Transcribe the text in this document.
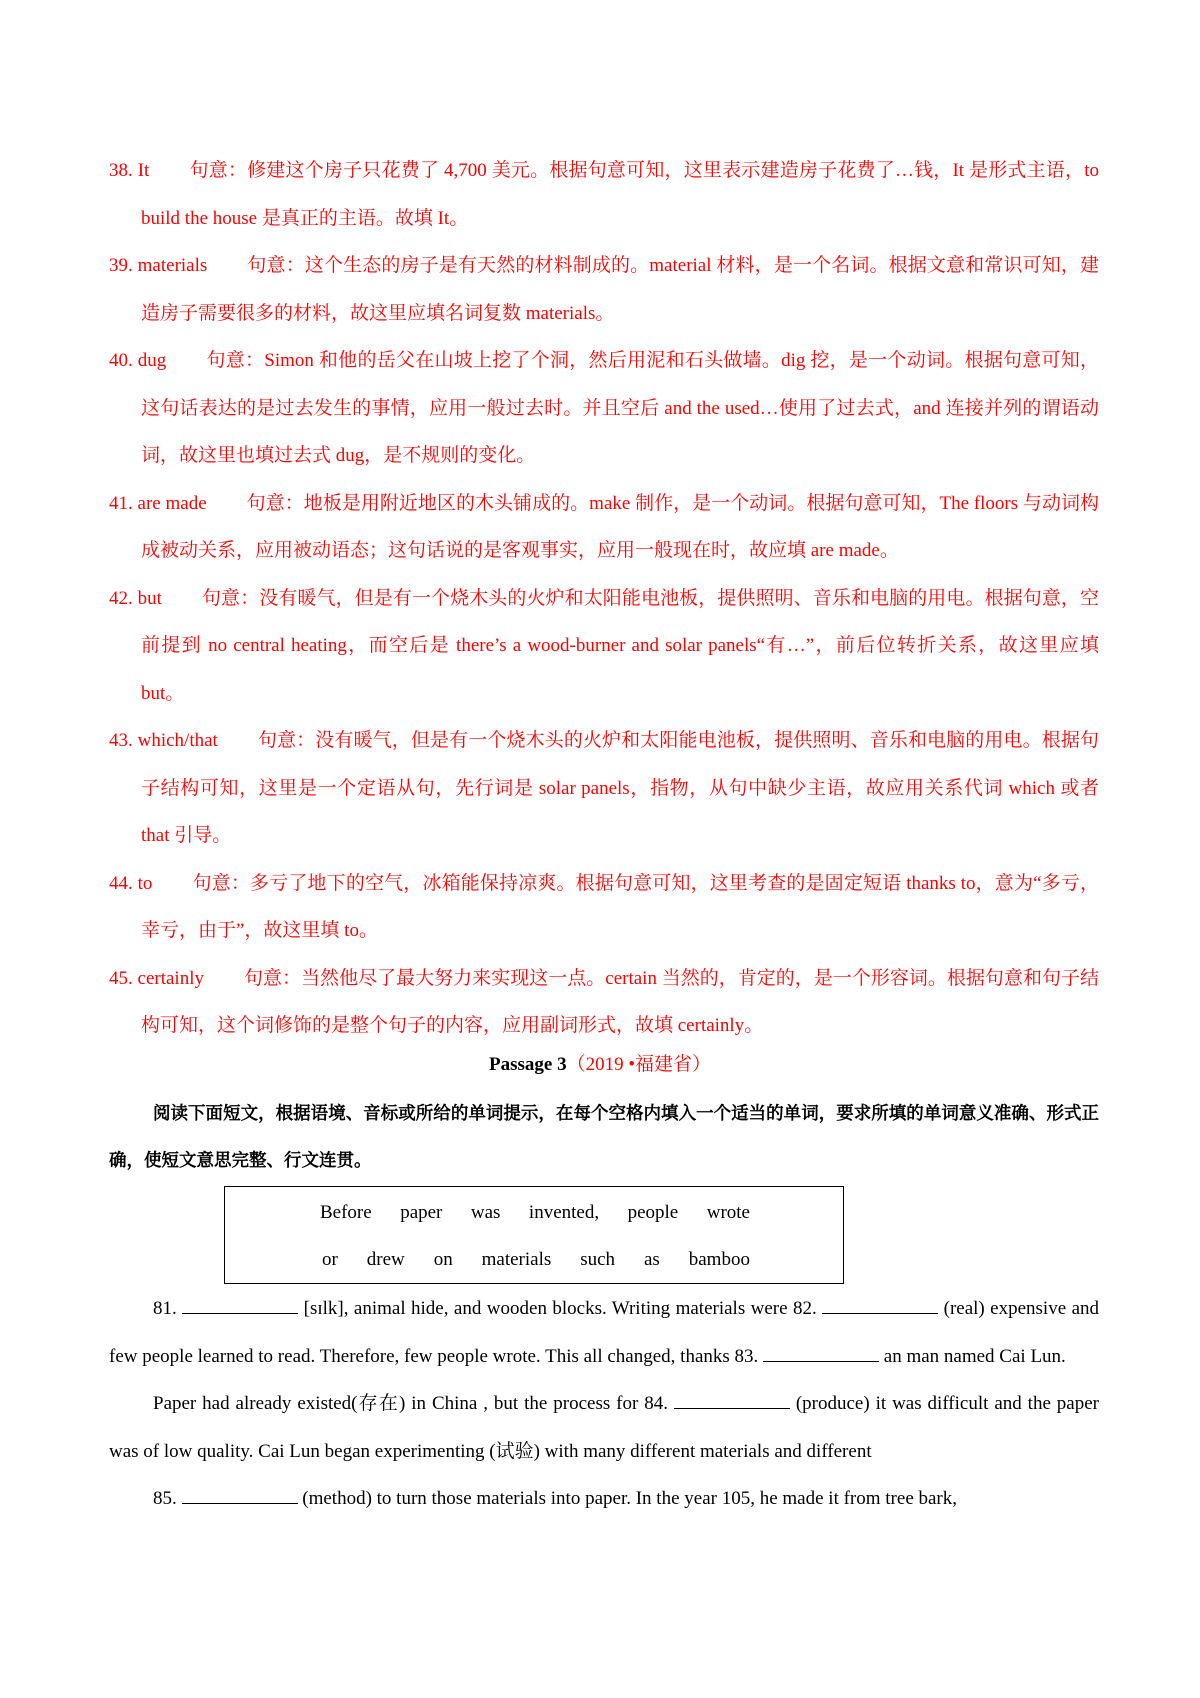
38. It 句意：修建这个房子只花费了 4,700 美元。根据句意可知，这里表示建造房子花费了…钱，It 是形式主语，to build the house 是真正的主语。故填 It。

39. materials 句意：这个生态的房子是有天然的材料制成的。material 材料，是一个名词。根据文意和常识可知，建造房子需要很多的材料，故这里应填名词复数 materials。

40. dug 句意：Simon 和他的岳父在山坡上挖了个洞，然后用泥和石头做墙。dig 挖，是一个动词。根据句意可知，这句话表达的是过去发生的事情，应用一般过去时。并且空后 and the used…使用了过去式，and 连接并列的谓语动词，故这里也填过去式 dug，是不规则的变化。

41. are made 句意：地板是用附近地区的木头铺成的。make 制作，是一个动词。根据句意可知，The floors 与动词构成被动关系，应用被动语态；这句话说的是客观事实，应用一般现在时，故应填 are made。

42. but 句意：没有暖气，但是有一个烧木头的火炉和太阳能电池板，提供照明、音乐和电脑的用电。根据句意，空前提到 no central heating，而空后是 there’s a wood-burner and solar panels“有…”，前后位转折关系，故这里应填 but。

43. which/that 句意：没有暖气，但是有一个烧木头的火炉和太阳能电池板，提供照明、音乐和电脑的用电。根据句子结构可知，这里是一个定语从句，先行词是 solar panels，指物，从句中缺少主语，故应用关系代词 which 或者 that 引导。

44. to 句意：多亏了地下的空气，冰箱能保持凉爽。根据句意可知，这里考查的是固定短语 thanks to，意为“多亏，幸亏，由于”，故这里填 to。

45. certainly 句意：当然他尽了最大努力来实现这一点。certain 当然的，肯定的，是一个形容词。根据句意和句子结构可知，这个词修饰的是整个句子的内容，应用副词形式，故填 certainly。

Passage 3（2019 •福建省）
阅读下面短文，根据语境、音标或所给的单词提示，在每个空格内填入一个适当的单词，要求所填的单词意义准确、形式正确，使短文意思完整、行文连贯。
Before paper was invented, people wrote
or drew on materials such as bamboo

81.	[sɪlk], animal hide, and wooden blocks. Writing materials were 82.	(real) expensive and few people learned to read. Therefore, few people wrote. This all changed, thanks 83.	an man named Cai Lun.

Paper had already existed(存在) in China , but the process for 84.	(produce) it was difficult and the paper was of low quality. Cai Lun began experimenting (试验) with many different materials and different

85.	(method) to turn those materials into paper. In the year 105, he made it from tree bark,
